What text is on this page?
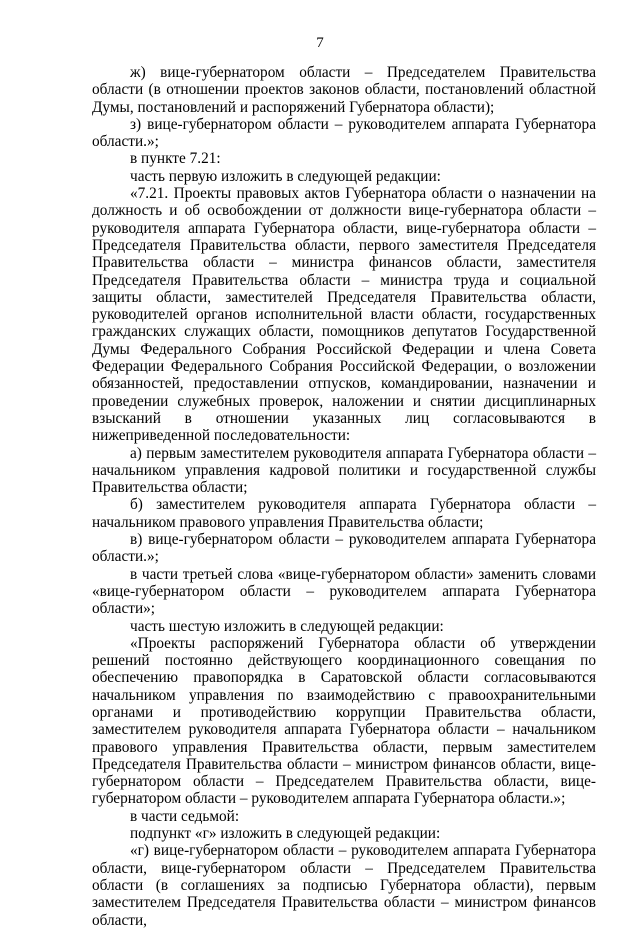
7

ж) вице-губернатором области – Председателем Правительства области (в отношении проектов законов области, постановлений областной Думы, постановлений и распоряжений Губернатора области);

з) вице-губернатором области – руководителем аппарата Губернатора области.»;

в пункте 7.21:

часть первую изложить в следующей редакции:

«7.21. Проекты правовых актов Губернатора области о назначении на должность и об освобождении от должности вице-губернатора области – руководителя аппарата Губернатора области, вице-губернатора области – Председателя Правительства области, первого заместителя Председателя Правительства области – министра финансов области, заместителя Председателя Правительства области – министра труда и социальной защиты области, заместителей Председателя Правительства области, руководителей органов исполнительной власти области, государственных гражданских служащих области, помощников депутатов Государственной Думы Федерального Собрания Российской Федерации и члена Совета Федерации Федерального Собрания Российской Федерации, о возложении обязанностей, предоставлении отпусков, командировании, назначении и проведении служебных проверок, наложении и снятии дисциплинарных взысканий в отношении указанных лиц согласовываются в нижеприведенной последовательности:

а) первым заместителем руководителя аппарата Губернатора области – начальником управления кадровой политики и государственной службы Правительства области;

б) заместителем руководителя аппарата Губернатора области – начальником правового управления Правительства области;

в) вице-губернатором области – руководителем аппарата Губернатора области.»;

в части третьей слова «вице-губернатором области» заменить словами «вице-губернатором области – руководителем аппарата Губернатора области»;

часть шестую изложить в следующей редакции:

«Проекты распоряжений Губернатора области об утверждении решений постоянно действующего координационного совещания по обеспечению правопорядка в Саратовской области согласовываются начальником управления по взаимодействию с правоохранительными органами и противодействию коррупции Правительства области, заместителем руководителя аппарата Губернатора области – начальником правового управления Правительства области, первым заместителем Председателя Правительства области – министром финансов области, вице-губернатором области – Председателем Правительства области, вице-губернатором области – руководителем аппарата Губернатора области.»;

в части седьмой:

подпункт «г» изложить в следующей редакции:

«г) вице-губернатором области – руководителем аппарата Губернатора области, вице-губернатором области – Председателем Правительства области (в соглашениях за подписью Губернатора области), первым заместителем Председателя Правительства области – министром финансов области,
